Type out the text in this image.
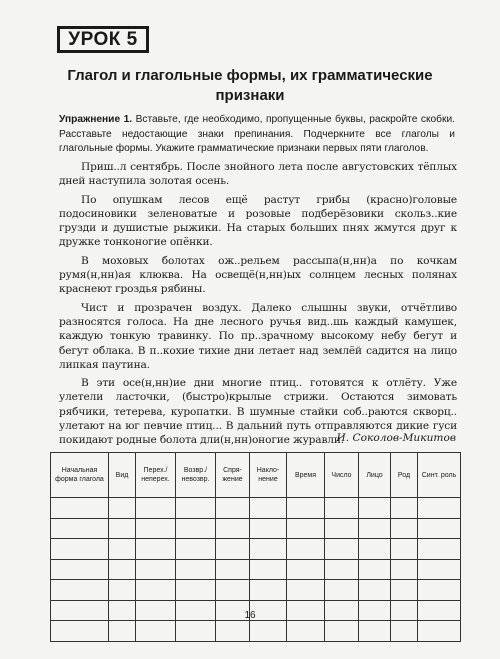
УРОК 5
Глагол и глагольные формы, их грамматические признаки
Упражнение 1. Вставьте, где необходимо, пропущенные буквы, раскройте скобки. Расставьте недостающие знаки препинания. Подчеркните все глаголы и глагольные формы. Укажите грамматические признаки первых пяти глаголов.

Приш..л сентябрь. После знойного лета после августовских тёплых дней наступила золотая осень.

По опушкам лесов ещё растут грибы (красно)головые подосиновики зеленоватые и розовые подберёзовики скольз..кие грузди и душистые рыжики. На старых больших пнях жмутся друг к дружке тонконогие опёнки.

В моховых болотах ож..рельем рассыпа(н,нн)а по кочкам румя(н,нн)ая клюква. На освещё(н,нн)ых солнцем лесных полянах краснеют гроздья рябины.

Чист и прозрачен воздух. Далеко слышны звуки, отчётливо разносятся голоса. На дне лесного ручья вид..шь каждый камушек, каждую тонкую травинку. По пр..зрачному высокому небу бегут и бегут облака. В п..кохие тихие дни летает над землёй садится на лицо липкая паутина.

В эти осе(н,нн)ие дни многие птиц.. готовятся к отлёту. Уже улетели ласточки, (быстро)крылые стрижи. Остаются зимовать рябчики, тетерева, куропатки. В шумные стайки соб..раются скворц.. улетают на юг певчие птиц... В дальний путь отправляются дикие гуси покидают родные болота дли(н,нн)оногие журавли.

И. Соколов-Микитов
Начальная форма глагола	Вид	Перех./ неперех.	Возвр./ невозвр.	Спря- жение	Накло- нение	Время	Число	Лицо	Род	Синт. роль

16
